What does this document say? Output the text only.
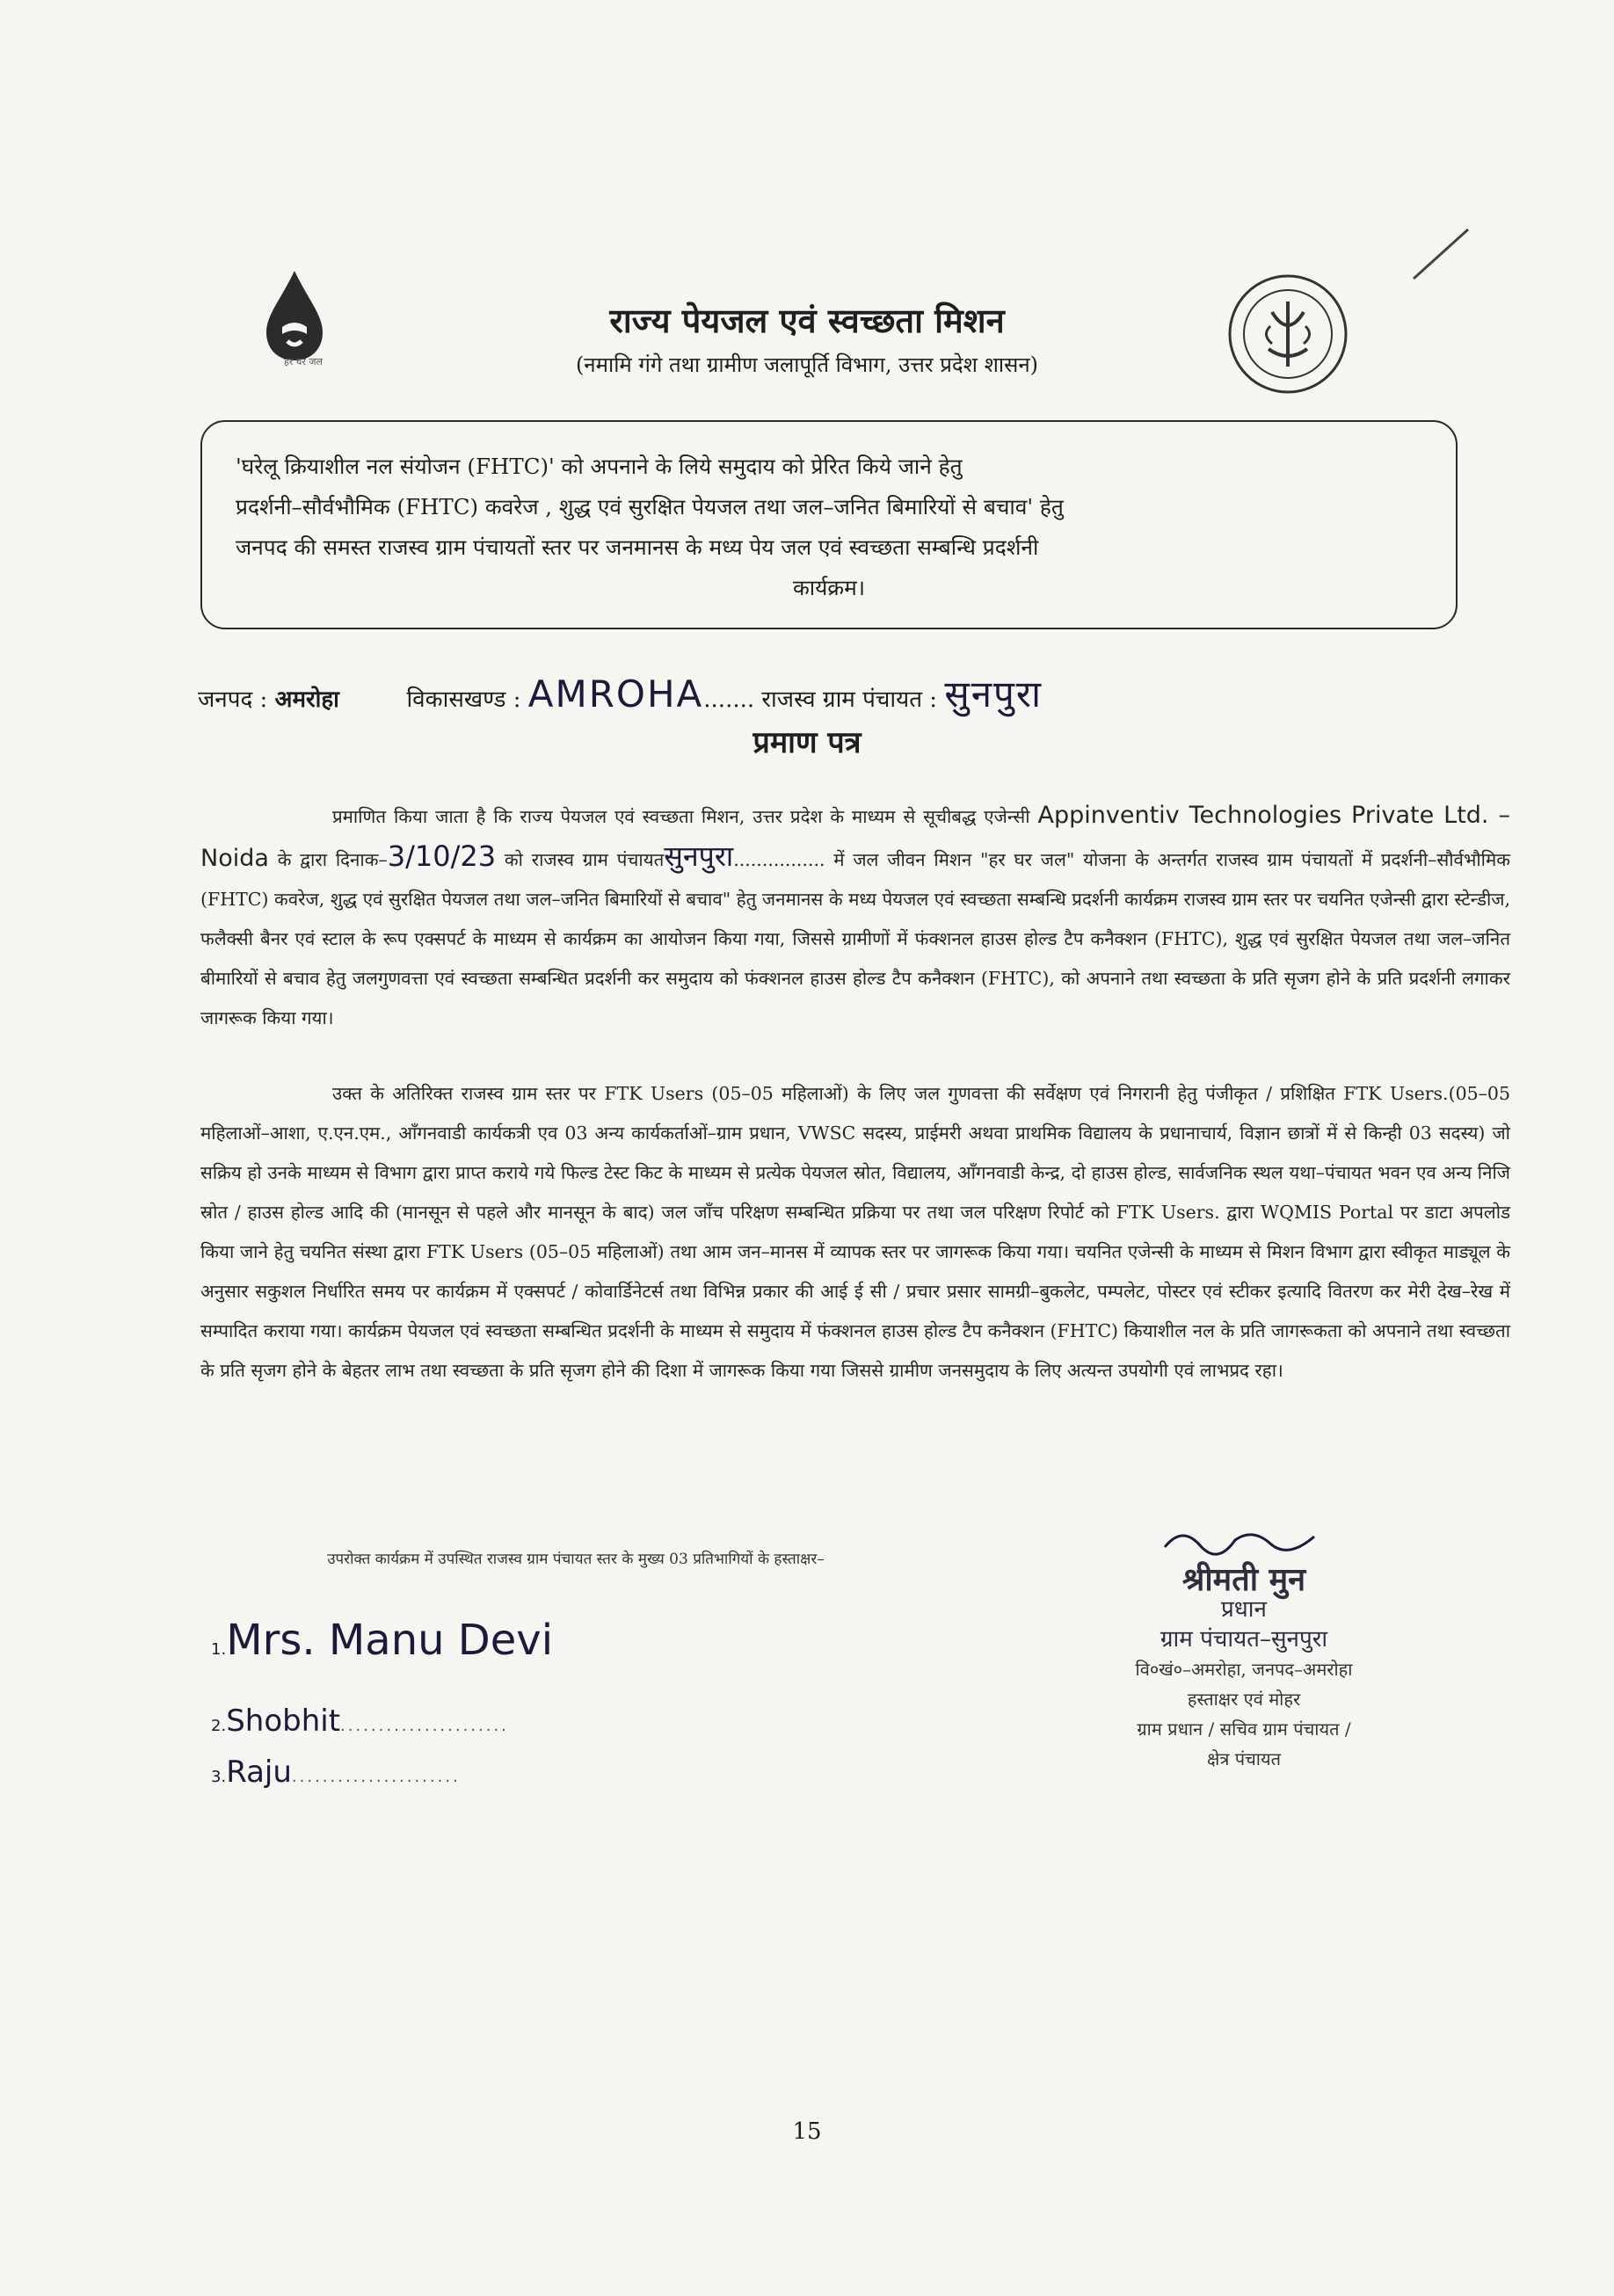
हर घर जल
राज्य पेयजल एवं स्वच्छता मिशन
(नमामि गंगे तथा ग्रामीण जलापूर्ति विभाग, उत्तर प्रदेश शासन)
'घरेलू क्रियाशील नल संयोजन (FHTC)' को अपनाने के लिये समुदाय को प्रेरित किये जाने हेतु
प्रदर्शनी–सौर्वभौमिक (FHTC) कवरेज , शुद्ध एवं सुरक्षित पेयजल तथा जल–जनित बिमारियों से बचाव' हेतु
जनपद की समस्त राजस्व ग्राम पंचायतों स्तर पर जनमानस के मध्य पेय जल एवं स्वच्छता सम्बन्धि प्रदर्शनी
कार्यक्रम।
जनपद : अमरोहा	विकासखण्ड : AMROHA....... राजस्व ग्राम पंचायत : सुनपुरा
प्रमाण पत्र

प्रमाणित किया जाता है कि राज्य पेयजल एवं स्वच्छता मिशन, उत्तर प्रदेश के माध्यम से सूचीबद्ध एजेन्सी Appinventiv Technologies Private Ltd. – Noida के द्वारा दिनाक–3/10/23 को राजस्व ग्राम पंचायतसुनपुरा................ में जल जीवन मिशन "हर घर जल" योजना के अन्तर्गत राजस्व ग्राम पंचायतों में प्रदर्शनी–सौर्वभौमिक (FHTC) कवरेज, शुद्ध एवं सुरक्षित पेयजल तथा जल–जनित बिमारियों से बचाव" हेतु जनमानस के मध्य पेयजल एवं स्वच्छता सम्बन्धि प्रदर्शनी कार्यक्रम राजस्व ग्राम स्तर पर चयनित एजेन्सी द्वारा स्टेन्डीज, फलैक्सी बैनर एवं स्टाल के रूप एक्सपर्ट के माध्यम से कार्यक्रम का आयोजन किया गया, जिससे ग्रामीणों में फंक्शनल हाउस होल्ड टैप कनैक्शन (FHTC), शुद्ध एवं सुरक्षित पेयजल तथा जल–जनित बीमारियों से बचाव हेतु जलगुणवत्ता एवं स्वच्छता सम्बन्धित प्रदर्शनी कर समुदाय को फंक्शनल हाउस होल्ड टैप कनैक्शन (FHTC), को अपनाने तथा स्वच्छता के प्रति सृजग होने के प्रति प्रदर्शनी लगाकर जागरूक किया गया।

उक्त के अतिरिक्त राजस्व ग्राम स्तर पर FTK Users (05–05 महिलाओं) के लिए जल गुणवत्ता की सर्वेक्षण एवं निगरानी हेतु पंजीकृत / प्रशिक्षित FTK Users.(05–05 महिलाओं–आशा, ए.एन.एम., आँगनवाडी कार्यकत्री एव 03 अन्य कार्यकर्ताओं–ग्राम प्रधान, VWSC सदस्य, प्राईमरी अथवा प्राथमिक विद्यालय के प्रधानाचार्य, विज्ञान छात्रों में से किन्ही 03 सदस्य) जो सक्रिय हो उनके माध्यम से विभाग द्वारा प्राप्त कराये गये फिल्ड टेस्ट किट के माध्यम से प्रत्येक पेयजल स्रोत, विद्यालय, आँगनवाडी केन्द्र, दो हाउस होल्ड, सार्वजनिक स्थल यथा–पंचायत भवन एव अन्य निजि स्रोत / हाउस होल्ड आदि की (मानसून से पहले और मानसून के बाद) जल जाँच परिक्षण सम्बन्धित प्रक्रिया पर तथा जल परिक्षण रिपोर्ट को FTK Users. द्वारा WQMIS Portal पर डाटा अपलोड किया जाने हेतु चयनित संस्था द्वारा FTK Users (05–05 महिलाओं) तथा आम जन–मानस में व्यापक स्तर पर जागरूक किया गया। चयनित एजेन्सी के माध्यम से मिशन विभाग द्वारा स्वीकृत माड्यूल के अनुसार सकुशल निर्धारित समय पर कार्यक्रम में एक्सपर्ट / कोवार्डिनेटर्स तथा विभिन्न प्रकार की आई ई सी / प्रचार प्रसार सामग्री–बुकलेट, पम्पलेट, पोस्टर एवं स्टीकर इत्यादि वितरण कर मेरी देख–रेख में सम्पादित कराया गया। कार्यक्रम पेयजल एवं स्वच्छता सम्बन्धित प्रदर्शनी के माध्यम से समुदाय में फंक्शनल हाउस होल्ड टैप कनैक्शन (FHTC) कियाशील नल के प्रति जागरूकता को अपनाने तथा स्वच्छता के प्रति सृजग होने के बेहतर लाभ तथा स्वच्छता के प्रति सृजग होने की दिशा में जागरूक किया गया जिससे ग्रामीण जनसमुदाय के लिए अत्यन्त उपयोगी एवं लाभप्रद रहा।

उपरोक्त कार्यक्रम में उपस्थित राजस्व ग्राम पंचायत स्तर के मुख्य 03 प्रतिभागियों के हस्ताक्षर–
1.Mrs. Manu Devi
2.Shobhit......................
3.Raju......................
श्रीमती मुन
प्रधान
ग्राम पंचायत–सुनपुरा
वि०खं०–अमरोहा, जनपद–अमरोहा
हस्ताक्षर एवं मोहर
ग्राम प्रधान / सचिव ग्राम पंचायत /
क्षेत्र पंचायत
15
